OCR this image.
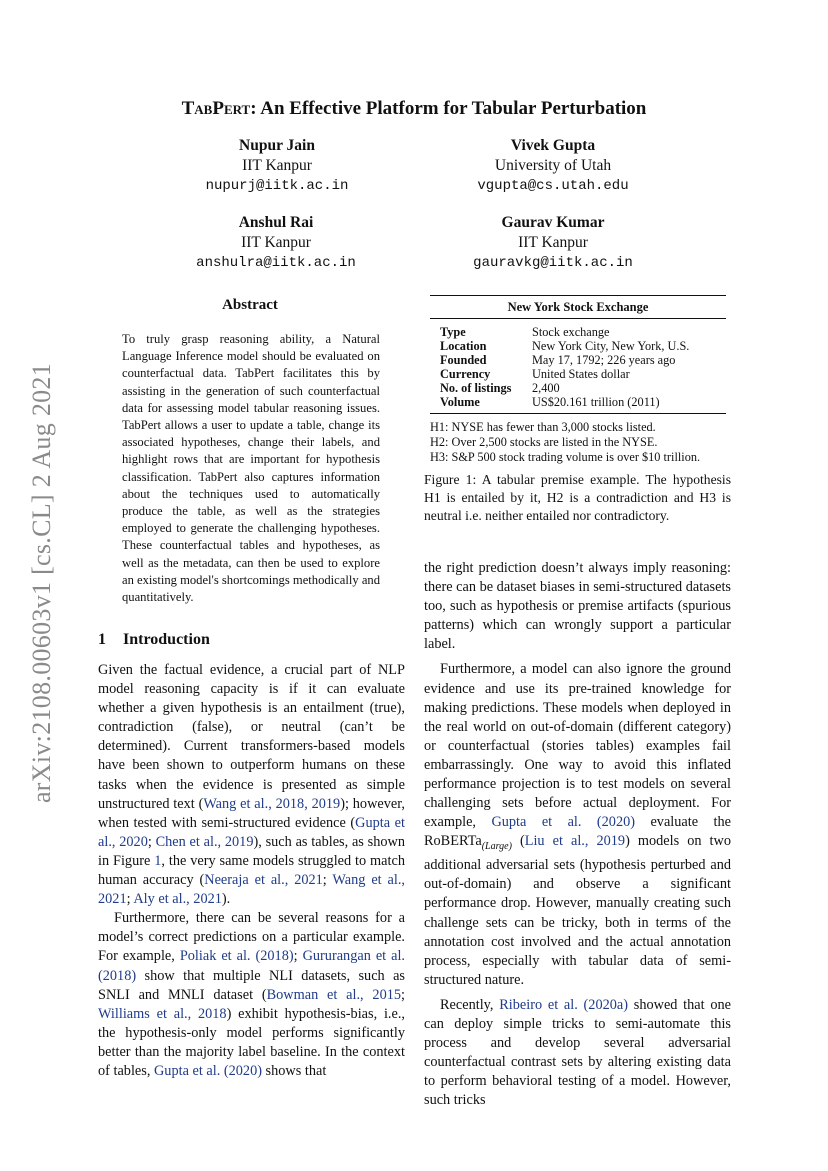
arXiv:2108.00603v1 [cs.CL] 2 Aug 2021
TabPert: An Effective Platform for Tabular Perturbation
Nupur Jain
IIT Kanpur
nupurj@iitk.ac.in
Vivek Gupta
University of Utah
vgupta@cs.utah.edu
Anshul Rai
IIT Kanpur
anshulra@iitk.ac.in
Gaurav Kumar
IIT Kanpur
gauravkg@iitk.ac.in
Abstract
To truly grasp reasoning ability, a Natural Language Inference model should be evaluated on counterfactual data. TabPert facilitates this by assisting in the generation of such counterfactual data for assessing model tabular reasoning issues. TabPert allows a user to update a table, change its associated hypotheses, change their labels, and highlight rows that are important for hypothesis classification. TabPert also captures information about the techniques used to automatically produce the table, as well as the strategies employed to generate the challenging hypotheses. These counterfactual tables and hypotheses, as well as the metadata, can then be used to explore an existing model's shortcomings methodically and quantitatively.
1 Introduction

Given the factual evidence, a crucial part of NLP model reasoning capacity is if it can evaluate whether a given hypothesis is an entailment (true), contradiction (false), or neutral (can’t be determined). Current transformers-based models have been shown to outperform humans on these tasks when the evidence is presented as simple unstructured text (Wang et al., 2018, 2019); however, when tested with semi-structured evidence (Gupta et al., 2020; Chen et al., 2019), such as tables, as shown in Figure 1, the very same models struggled to match human accuracy (Neeraja et al., 2021; Wang et al., 2021; Aly et al., 2021).

Furthermore, there can be several reasons for a model’s correct predictions on a particular example. For example, Poliak et al. (2018); Gururangan et al. (2018) show that multiple NLI datasets, such as SNLI and MNLI dataset (Bowman et al., 2015; Williams et al., 2018) exhibit hypothesis-bias, i.e., the hypothesis-only model performs significantly better than the majority label baseline. In the context of tables, Gupta et al. (2020) shows that

New York Stock Exchange
Type	Stock exchange
Location	New York City, New York, U.S.
Founded	May 17, 1792; 226 years ago
Currency	United States dollar
No. of listings	2,400
Volume	US$20.161 trillion (2011)
H1: NYSE has fewer than 3,000 stocks listed.
H2: Over 2,500 stocks are listed in the NYSE.
H3: S&P 500 stock trading volume is over $10 trillion.
Figure 1: A tabular premise example. The hypothesis H1 is entailed by it, H2 is a contradiction and H3 is neutral i.e. neither entailed nor contradictory.

the right prediction doesn’t always imply reasoning: there can be dataset biases in semi-structured datasets too, such as hypothesis or premise artifacts (spurious patterns) which can wrongly support a particular label.

Furthermore, a model can also ignore the ground evidence and use its pre-trained knowledge for making predictions. These models when deployed in the real world on out-of-domain (different category) or counterfactual (stories tables) examples fail embarrassingly. One way to avoid this inflated performance projection is to test models on several challenging sets before actual deployment. For example, Gupta et al. (2020) evaluate the RoBERTa$_{(Large)}$ (Liu et al., 2019) models on two additional adversarial sets (hypothesis perturbed and out-of-domain) and observe a significant performance drop. However, manually creating such challenge sets can be tricky, both in terms of the annotation cost involved and the actual annotation process, especially with tabular data of semi-structured nature.

Recently, Ribeiro et al. (2020a) showed that one can deploy simple tricks to semi-automate this process and develop several adversarial counterfactual contrast sets by altering existing data to perform behavioral testing of a model. However, such tricks
